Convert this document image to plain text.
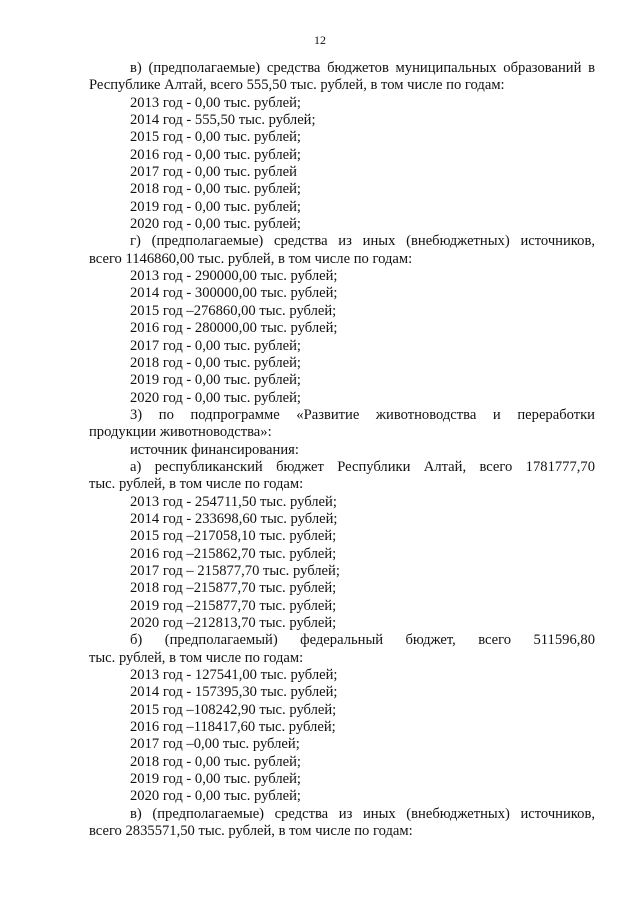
12
в) (предполагаемые) средства бюджетов муниципальных образований в
Республике Алтай, всего 555,50 тыс. рублей, в том числе по годам:
2013 год - 0,00 тыс. рублей;
2014 год - 555,50 тыс. рублей;
2015 год - 0,00 тыс. рублей;
2016 год - 0,00 тыс. рублей;
2017 год - 0,00 тыс. рублей
2018 год - 0,00 тыс. рублей;
2019 год - 0,00 тыс. рублей;
2020 год - 0,00 тыс. рублей;
г) (предполагаемые) средства из иных (внебюджетных) источников,
всего 1146860,00 тыс. рублей, в том числе по годам:
2013 год - 290000,00 тыс. рублей;
2014 год - 300000,00 тыс. рублей;
2015 год –276860,00 тыс. рублей;
2016 год - 280000,00 тыс. рублей;
2017 год - 0,00 тыс. рублей;
2018 год - 0,00 тыс. рублей;
2019 год - 0,00 тыс. рублей;
2020 год - 0,00 тыс. рублей;
3) по подпрограмме «Развитие животноводства и переработки
продукции животноводства»:
источник финансирования:
а) республиканский бюджет Республики Алтай, всего 1781777,70
тыс. рублей, в том числе по годам:
2013 год - 254711,50 тыс. рублей;
2014 год - 233698,60 тыс. рублей;
2015 год –217058,10 тыс. рублей;
2016 год –215862,70 тыс. рублей;
2017 год – 215877,70 тыс. рублей;
2018 год –215877,70 тыс. рублей;
2019 год –215877,70 тыс. рублей;
2020 год –212813,70 тыс. рублей;
б) (предполагаемый) федеральный бюджет, всего 511596,80
тыс. рублей, в том числе по годам:
2013 год - 127541,00 тыс. рублей;
2014 год - 157395,30 тыс. рублей;
2015 год –108242,90 тыс. рублей;
2016 год –118417,60 тыс. рублей;
2017 год –0,00 тыс. рублей;
2018 год - 0,00 тыс. рублей;
2019 год - 0,00 тыс. рублей;
2020 год - 0,00 тыс. рублей;
в) (предполагаемые) средства из иных (внебюджетных) источников,
всего 2835571,50 тыс. рублей, в том числе по годам:
